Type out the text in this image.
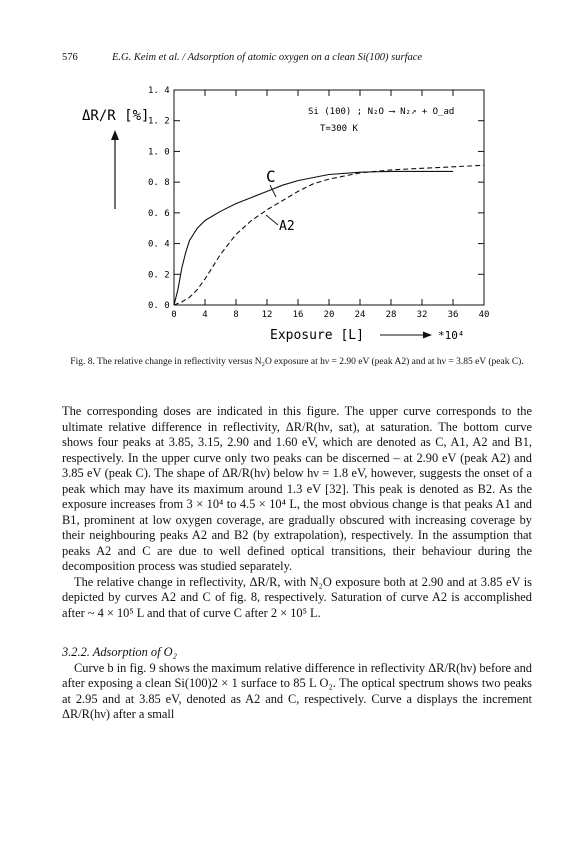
576	E.G. Keim et al. / Adsorption of atomic oxygen on a clean Si(100) surface
ΔR/R [%]
0. 0
0. 2
0. 4
0. 6
0. 8
1. 0
1. 2
1. 4
0	4	8	12 16 20 24 28 32 36 40
Si (100) ; N₂O ⟶ N₂↗ + O_ad
T=300 K
C
A2
Exposure [L]	*10⁴
Fig. 8. The relative change in reflectivity versus N₂O exposure at hν = 2.90 eV (peak A2) and at hν = 3.85 eV (peak C).

The corresponding doses are indicated in this figure. The upper curve corresponds to the ultimate relative difference in reflectivity, ΔR/R(hν, sat), at saturation. The bottom curve shows four peaks at 3.85, 3.15, 2.90 and 1.60 eV, which are denoted as C, A1, A2 and B1, respectively. In the upper curve only two peaks can be discerned – at 2.90 eV (peak A2) and 3.85 eV (peak C). The shape of ΔR/R(hν) below hν = 1.8 eV, however, suggests the onset of a peak which may have its maximum around 1.3 eV [32]. This peak is denoted as B2. As the exposure increases from 3 × 10⁴ to 4.5 × 10⁴ L, the most obvious change is that peaks A1 and B1, prominent at low oxygen coverage, are gradually obscured with increasing coverage by their neighbouring peaks A2 and B2 (by extrapolation), respectively. In the assumption that peaks A2 and C are due to well defined optical transitions, their behaviour during the decomposition process was studied separately.

The relative change in reflectivity, ΔR/R, with N₂O exposure both at 2.90 and at 3.85 eV is depicted by curves A2 and C of fig. 8, respectively. Saturation of curve A2 is accomplished after ~ 4 × 10⁵ L and that of curve C after 2 × 10⁵ L.

3.2.2. Adsorption of O₂

Curve b in fig. 9 shows the maximum relative difference in reflectivity ΔR/R(hν) before and after exposing a clean Si(100)2 × 1 surface to 85 L O₂. The optical spectrum shows two peaks at 2.95 and at 3.85 eV, denoted as A2 and C, respectively. Curve a displays the increment ΔR/R(hν) after a small
